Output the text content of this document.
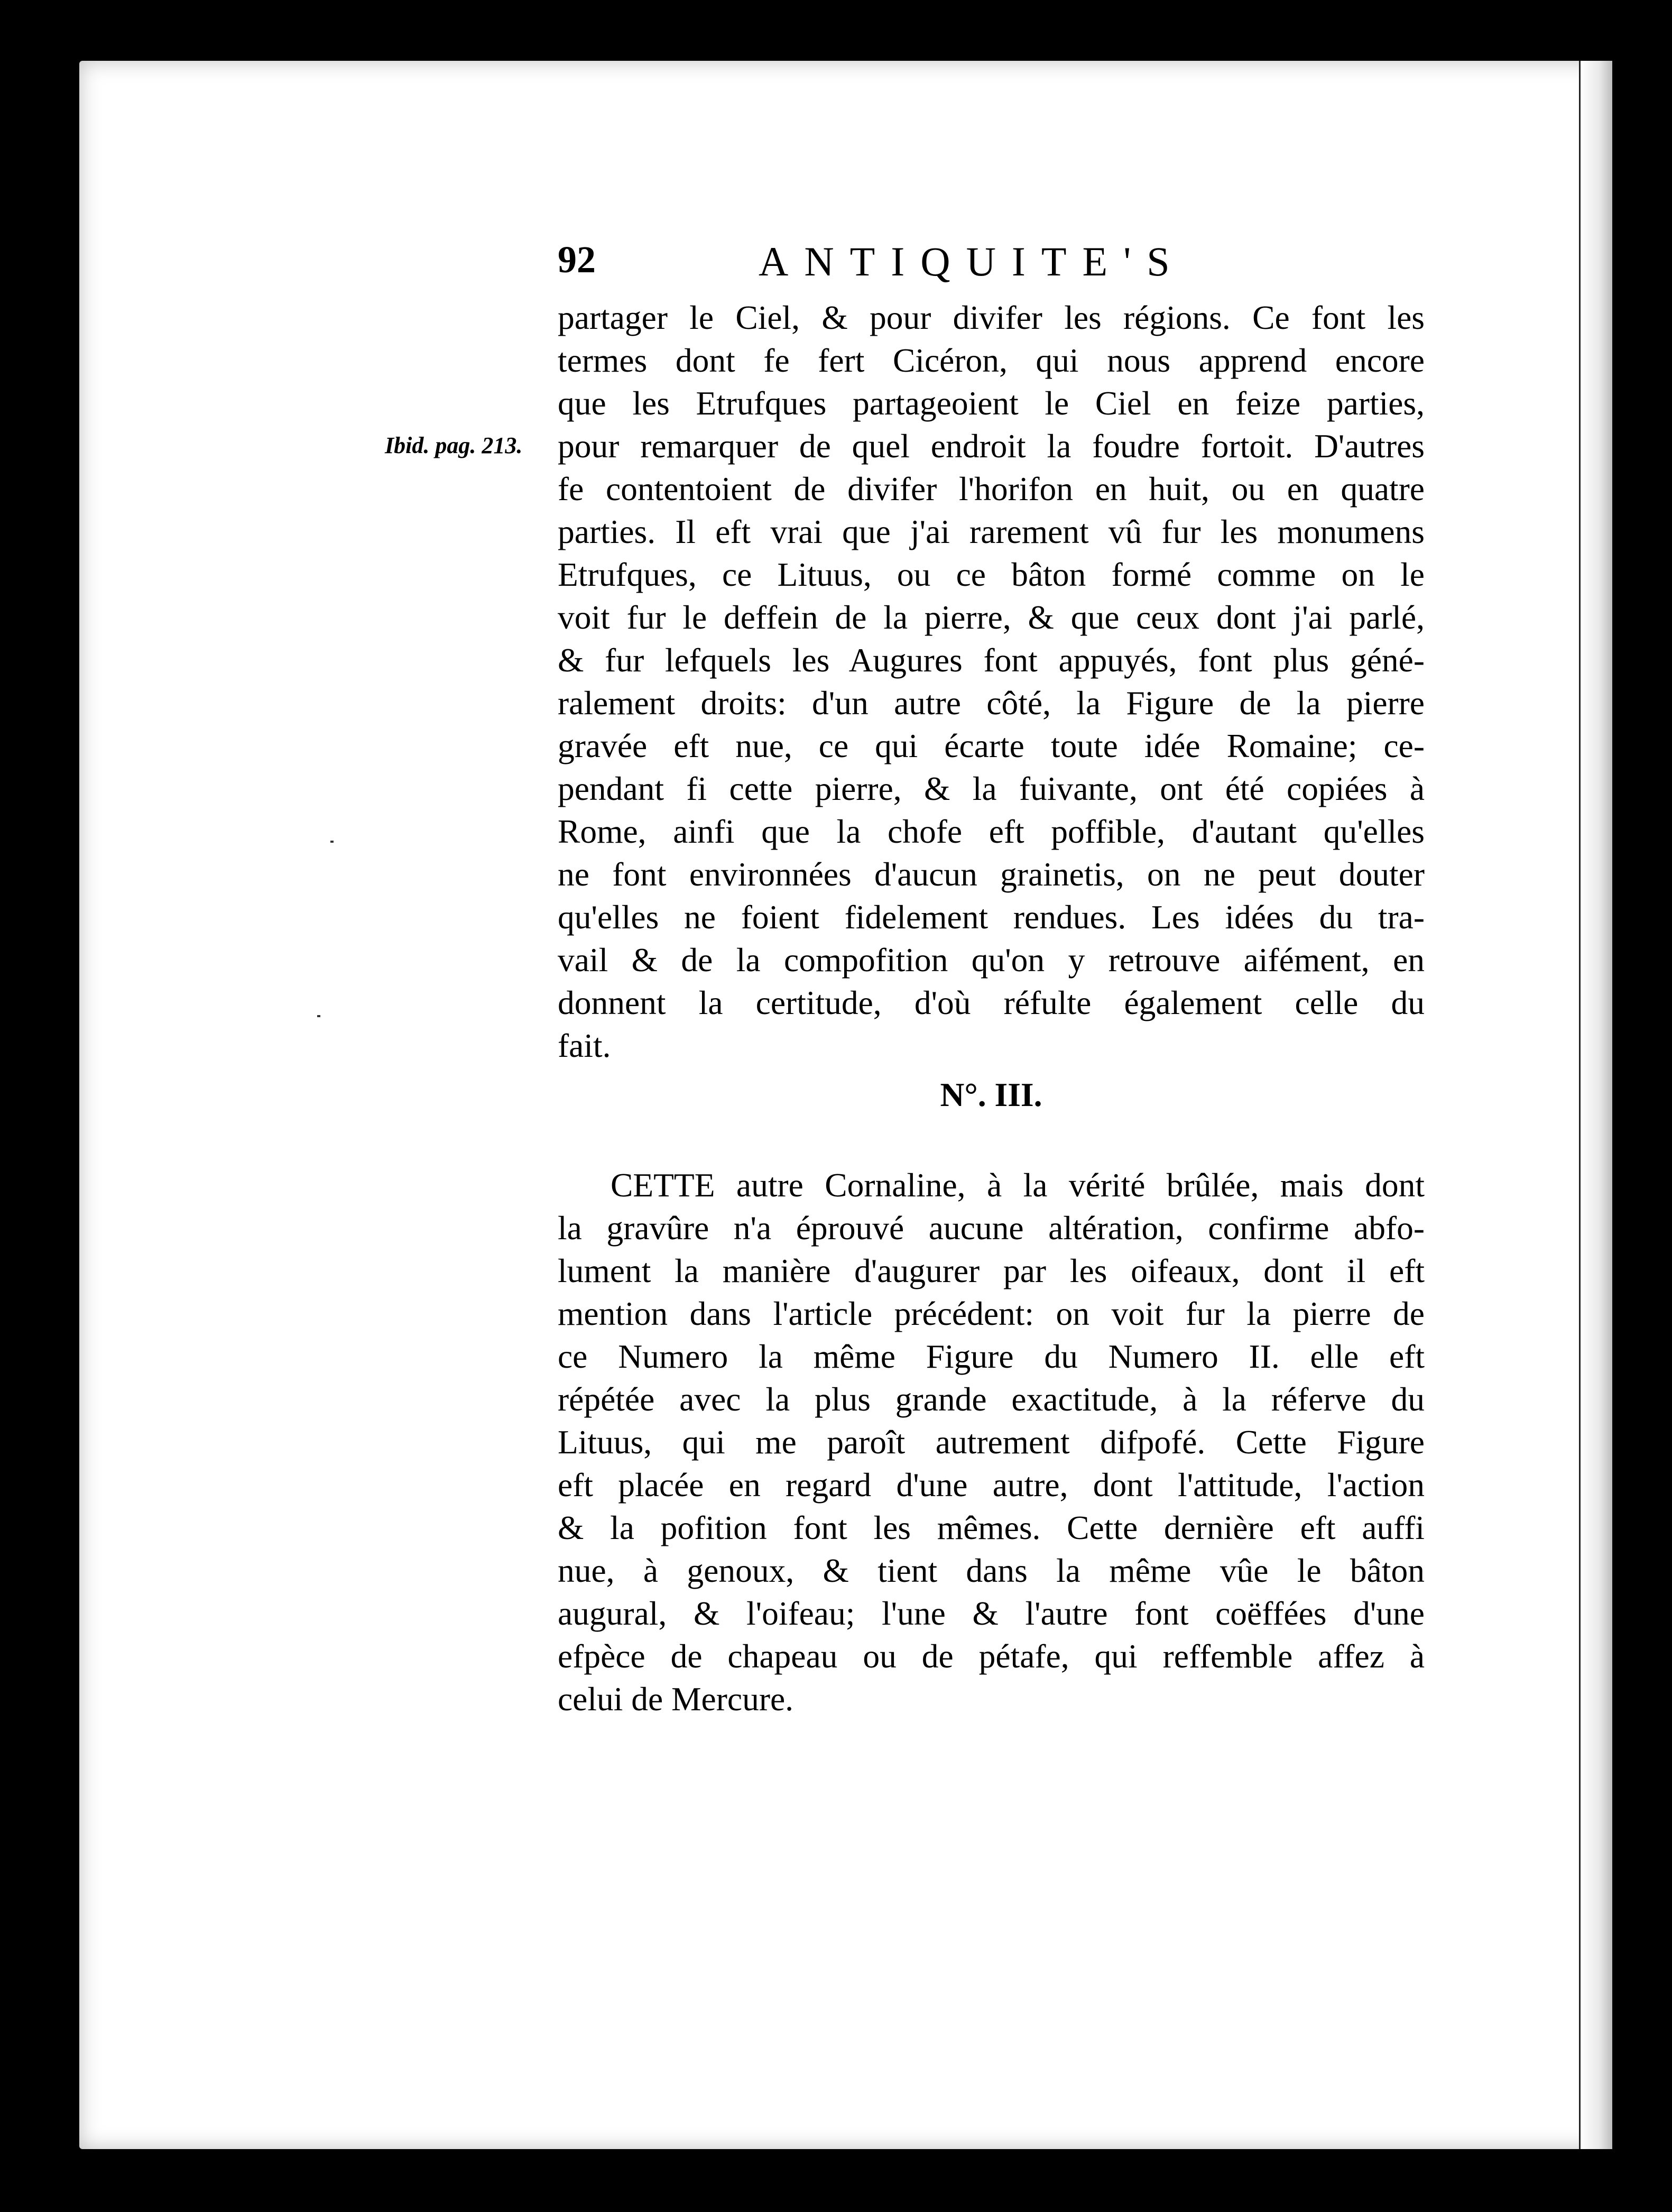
92	ANTIQUITE'S
Ibid. pag. 213.
partager le Ciel, & pour divifer les régions. Ce font les
termes dont fe fert Cicéron, qui nous apprend encore
que les Etrufques partageoient le Ciel en feize parties,
pour remarquer de quel endroit la foudre fortoit. D'autres
fe contentoient de divifer l'horifon en huit, ou en quatre
parties. Il eft vrai que j'ai rarement vû fur les monumens
Etrufques, ce Lituus, ou ce bâton formé comme on le
voit fur le deffein de la pierre, & que ceux dont j'ai parlé,
& fur lefquels les Augures font appuyés, font plus géné-
ralement droits: d'un autre côté, la Figure de la pierre
gravée eft nue, ce qui écarte toute idée Romaine; ce-
pendant fi cette pierre, & la fuivante, ont été copiées à
Rome, ainfi que la chofe eft poffible, d'autant qu'elles
ne font environnées d'aucun grainetis, on ne peut douter
qu'elles ne foient fidelement rendues. Les idées du tra-
vail & de la compofition qu'on y retrouve aifément, en
donnent la certitude, d'où réfulte également celle du
fait.
N°. III.
CETTE autre Cornaline, à la vérité brûlée, mais dont
la gravûre n'a éprouvé aucune altération, confirme abfo-
lument la manière d'augurer par les oifeaux, dont il eft
mention dans l'article précédent: on voit fur la pierre de
ce Numero la même Figure du Numero II. elle eft
répétée avec la plus grande exactitude, à la réferve du
Lituus, qui me paroît autrement difpofé. Cette Figure
eft placée en regard d'une autre, dont l'attitude, l'action
& la pofition font les mêmes. Cette dernière eft auffi
nue, à genoux, & tient dans la même vûe le bâton
augural, & l'oifeau; l'une & l'autre font coëffées d'une
efpèce de chapeau ou de pétafe, qui reffemble affez à
celui de Mercure.
